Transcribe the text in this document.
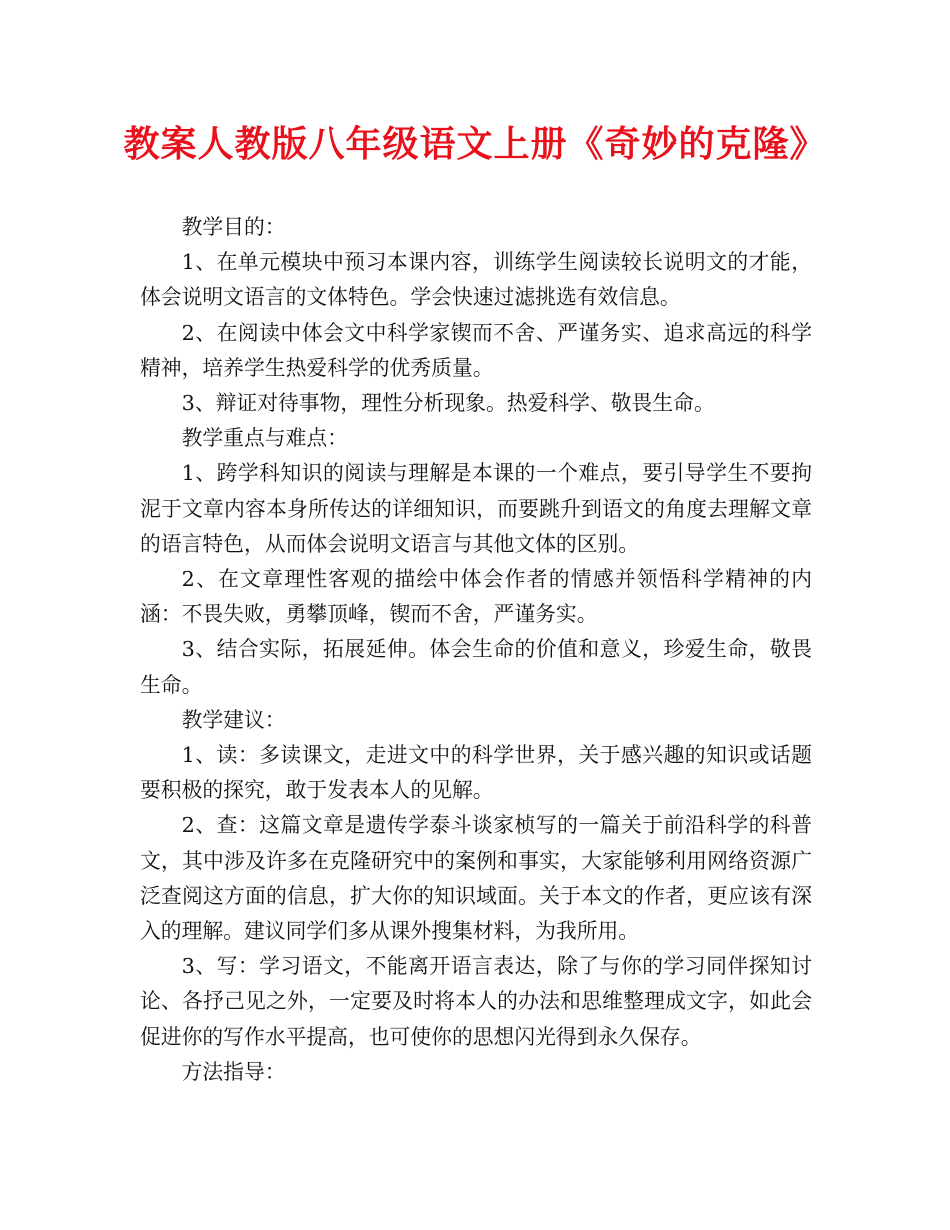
教案人教版八年级语文上册《奇妙的克隆》

教学目的：

1、在单元模块中预习本课内容，训练学生阅读较长说明文的才能，体会说明文语言的文体特色。学会快速过滤挑选有效信息。

2、在阅读中体会文中科学家锲而不舍、严谨务实、追求高远的科学精神，培养学生热爱科学的优秀质量。

3、辩证对待事物，理性分析现象。热爱科学、敬畏生命。

教学重点与难点：

1、跨学科知识的阅读与理解是本课的一个难点，要引导学生不要拘泥于文章内容本身所传达的详细知识，而要跳升到语文的角度去理解文章的语言特色，从而体会说明文语言与其他文体的区别。

2、在文章理性客观的描绘中体会作者的情感并领悟科学精神的内涵：不畏失败，勇攀顶峰，锲而不舍，严谨务实。

3、结合实际，拓展延伸。体会生命的价值和意义，珍爱生命，敬畏生命。

教学建议：

1、读：多读课文，走进文中的科学世界，关于感兴趣的知识或话题要积极的探究，敢于发表本人的见解。

2、查：这篇文章是遗传学泰斗谈家桢写的一篇关于前沿科学的科普文，其中涉及许多在克隆研究中的案例和事实，大家能够利用网络资源广泛查阅这方面的信息，扩大你的知识域面。关于本文的作者，更应该有深入的理解。建议同学们多从课外搜集材料，为我所用。

3、写：学习语文，不能离开语言表达，除了与你的学习同伴探知讨论、各抒己见之外，一定要及时将本人的办法和思维整理成文字，如此会促进你的写作水平提高，也可使你的思想闪光得到永久保存。

方法指导：
